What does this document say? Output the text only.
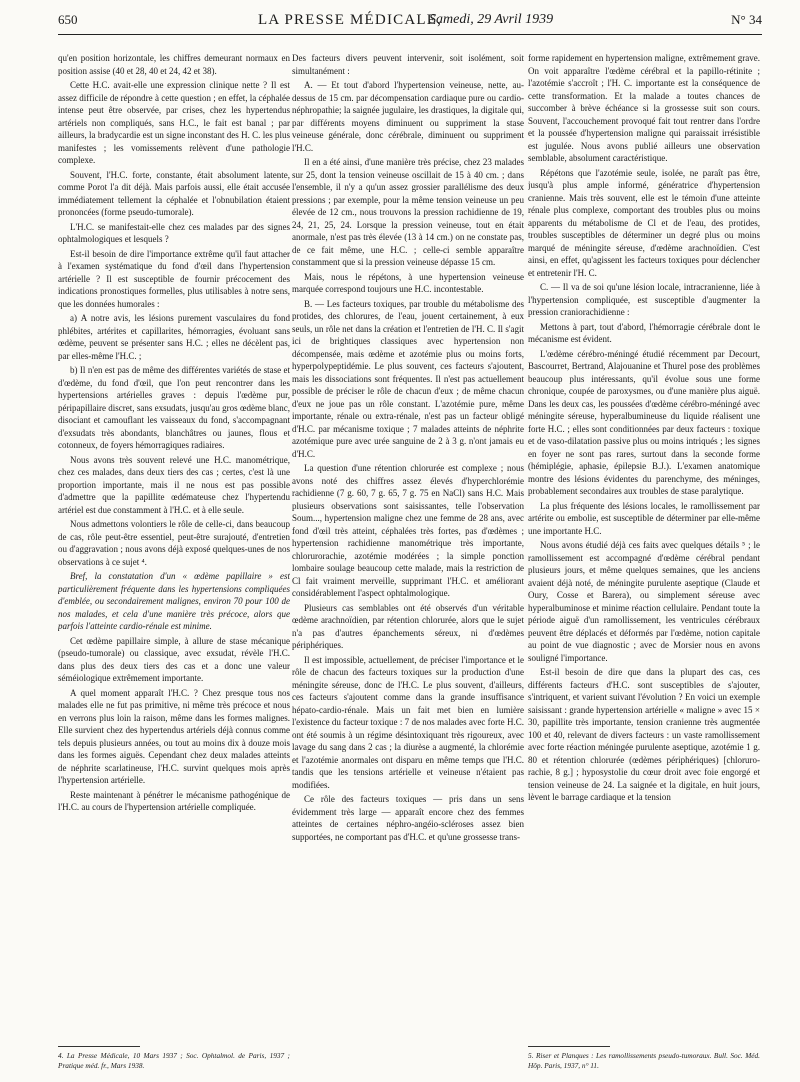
650	LA PRESSE MÉDICALE,
Samedi, 29 Avril 1939	N° 34

qu'en position horizontale, les chiffres demeurant normaux en position assise (40 et 28, 40 et 24, 42 et 38).

Cette H.C. avait-elle une expression clinique nette ? Il est assez difficile de répondre à cette question ; en effet, la céphalée intense peut être observée, par crises, chez les hypertendus artériels non compliqués, sans H.C., le fait est banal ; par ailleurs, la bradycardie est un signe inconstant des H. C. les plus manifestes ; les vomissements relèvent d'une pathologie complexe.

Souvent, l'H.C. forte, constante, était absolument latente, comme Porot l'a dit déjà. Mais parfois aussi, elle était accusée immédiatement tellement la céphalée et l'obnubilation étaient prononcées (forme pseudo-tumorale).

L'H.C. se manifestait-elle chez ces malades par des signes ophtalmologiques et lesquels ?

Est-il besoin de dire l'importance extrême qu'il faut attacher à l'examen systématique du fond d'œil dans l'hypertension artérielle ? Il est susceptible de fournir précocement des indications pronostiques formelles, plus utilisables à notre sens, que les données humorales :

a) A notre avis, les lésions purement vasculaires du fond phlébites, artérites et capillarites, hémorragies, évoluant sans œdème, peuvent se présenter sans H.C. ; elles ne décèlent pas, par elles-même l'H.C. ;

b) Il n'en est pas de même des différentes variétés de stase et d'œdème, du fond d'œil, que l'on peut rencontrer dans les hypertensions artérielles graves : depuis l'œdème pur, péripapillaire discret, sans exsudats, jusqu'au gros œdème blanc, disociant et camouflant les vaisseaux du fond, s'accompagnant d'exsudats très abondants, blanchâtres ou jaunes, flous et cotonneux, de foyers hémorragiques radiaires.

Nous avons très souvent relevé une H.C. manométrique, chez ces malades, dans deux tiers des cas ; certes, c'est là une proportion importante, mais il ne nous est pas possible d'admettre que la papillite œdémateuse chez l'hypertendu artériel est due constamment à l'H.C. et à elle seule.

Nous admettons volontiers le rôle de celle-ci, dans beaucoup de cas, rôle peut-être essentiel, peut-être surajouté, d'entretien ou d'aggravation ; nous avons déjà exposé quelques-unes de nos observations à ce sujet ⁴.

Bref, la constatation d'un « œdème papillaire » est particulièrement fréquente dans les hypertensions compliquées d'emblée, ou secondairement malignes, environ 70 pour 100 de nos malades, et cela d'une manière très précoce, alors que parfois l'atteinte cardio-rénale est minime.

Cet œdème papillaire simple, à allure de stase mécanique (pseudo-tumorale) ou classique, avec exsudat, révèle l'H.C. dans plus des deux tiers des cas et a donc une valeur séméiologique extrêmement importante.

A quel moment apparaît l'H.C. ? Chez presque tous nos malades elle ne fut pas primitive, ni même très précoce et nous en verrons plus loin la raison, même dans les formes malignes. Elle survient chez des hypertendus artériels déjà connus comme tels depuis plusieurs années, ou tout au moins dix à douze mois dans les formes aiguës. Cependant chez deux malades atteints de néphrite scarlatineuse, l'H.C. survint quelques mois après l'hypertension artérielle.

Reste maintenant à pénétrer le mécanisme pathogénique de l'H.C. au cours de l'hypertension artérielle compliquée.

Des facteurs divers peuvent intervenir, soit isolément, soit simultanément :

A. — Et tout d'abord l'hypertension veineuse, nette, au-dessus de 15 cm. par décompensation cardiaque pure ou cardio-néphropathie; la saignée jugulaire, les drastiques, la digitale qui, par différents moyens diminuent ou suppriment la stase veineuse générale, donc cérébrale, diminuent ou suppriment l'H.C.

Il en a été ainsi, d'une manière très précise, chez 23 malades sur 25, dont la tension veineuse oscillait de 15 à 40 cm. ; dans l'ensemble, il n'y a qu'un assez grossier parallélisme des deux pressions ; par exemple, pour la même tension veineuse un peu élevée de 12 cm., nous trouvons la pression rachidienne de 19, 24, 21, 25, 24. Lorsque la pression veineuse, tout en était anormale, n'est pas très élevée (13 à 14 cm.) on ne constate pas, de ce fait même, une H.C. ; celle-ci semble apparaître constamment que si la pression veineuse dépasse 15 cm.

Mais, nous le répétons, à une hypertension veineuse marquée correspond toujours une H.C. incontestable.

B. — Les facteurs toxiques, par trouble du métabolisme des protides, des chlorures, de l'eau, jouent certainement, à eux seuls, un rôle net dans la création et l'entretien de l'H. C. Il s'agit ici de brightiques classiques avec hypertension non décompensée, mais œdème et azotémie plus ou moins forts, hyperpolypeptidémie. Le plus souvent, ces facteurs s'ajoutent, mais les dissociations sont fréquentes. Il n'est pas actuellement possible de préciser le rôle de chacun d'eux ; de même chacun d'eux ne joue pas un rôle constant. L'azotémie pure, même importante, rénale ou extra-rénale, n'est pas un facteur obligé d'H.C. par mécanisme toxique ; 7 malades atteints de néphrite azotémique pure avec urée sanguine de 2 à 3 g. n'ont jamais eu d'H.C.

La question d'une rétention chlorurée est complexe ; nous avons noté des chiffres assez élevés d'hyperchlorémie rachidienne (7 g. 60, 7 g. 65, 7 g. 75 en NaCl) sans H.C. Mais plusieurs observations sont saisissantes, telle l'observation Soum..., hypertension maligne chez une femme de 28 ans, avec fond d'œil très atteint, céphalées très fortes, pas d'œdèmes ; hypertension rachidienne manométrique très importante, chlorurorachie, azotémie modérées ; la simple ponction lombaire soulage beaucoup cette malade, mais la restriction de Cl fait vraiment merveille, supprimant l'H.C. et améliorant considérablement l'aspect ophtalmologique.

Plusieurs cas semblables ont été observés d'un véritable œdème arachnoïdien, par rétention chlorurée, alors que le sujet n'a pas d'autres épanchements séreux, ni d'œdèmes périphériques.

Il est impossible, actuellement, de préciser l'importance et le rôle de chacun des facteurs toxiques sur la production d'une méningite séreuse, donc de l'H.C. Le plus souvent, d'ailleurs, ces facteurs s'ajoutent comme dans la grande insuffisance hépato-cardio-rénale. Mais un fait met bien en lumière l'existence du facteur toxique : 7 de nos malades avec forte H.C. ont été soumis à un régime désintoxiquant très rigoureux, avec lavage du sang dans 2 cas ; la diurèse a augmenté, la chlorémie et l'azotémie anormales ont disparu en même temps que l'H.C. tandis que les tensions artérielle et veineuse n'étaient pas modifiées.

Ce rôle des facteurs toxiques — pris dans un sens évidemment très large — apparaît encore chez des femmes atteintes de certaines néphro-angéio-scléroses assez bien supportées, ne comportant pas d'H.C. et qu'une grossesse trans-

forme rapidement en hypertension maligne, extrêmement grave. On voit apparaître l'œdème cérébral et la papillo-rétinite ; l'azotémie s'accroît ; l'H. C. importante est la conséquence de cette transformation. Et la malade a toutes chances de succomber à brève échéance si la grossesse suit son cours. Souvent, l'accouchement provoqué fait tout rentrer dans l'ordre et la poussée d'hypertension maligne qui paraissait irrésistible est jugulée. Nous avons publié ailleurs une observation semblable, absolument caractéristique.

Répétons que l'azotémie seule, isolée, ne paraît pas être, jusqu'à plus ample informé, génératrice d'hypertension cranienne. Mais très souvent, elle est le témoin d'une atteinte rénale plus complexe, comportant des troubles plus ou moins apparents du métabolisme de Cl et de l'eau, des protides, troubles susceptibles de déterminer un degré plus ou moins marqué de méningite séreuse, d'œdème arachnoïdien. C'est ainsi, en effet, qu'agissent les facteurs toxiques pour déclencher et entretenir l'H. C.

C. — Il va de soi qu'une lésion locale, intracranienne, liée à l'hypertension compliquée, est susceptible d'augmenter la pression craniorachidienne :

Mettons à part, tout d'abord, l'hémorragie cérébrale dont le mécanisme est évident.

L'œdème cérébro-méningé étudié récemment par Decourt, Bascourret, Bertrand, Alajouanine et Thurel pose des problèmes beaucoup plus intéressants, qu'il évolue sous une forme chronique, coupée de paroxysmes, ou d'une manière plus aiguë. Dans les deux cas, les poussées d'œdème cérébro-méningé avec méningite séreuse, hyperalbumineuse du liquide réalisent une forte H.C. ; elles sont conditionnées par deux facteurs : toxique et de vaso-dilatation passive plus ou moins intriqués ; les signes en foyer ne sont pas rares, surtout dans la seconde forme (hémiplégie, aphasie, épilepsie B.J.). L'examen anatomique montre des lésions évidentes du parenchyme, des méninges, probablement secondaires aux troubles de stase paralytique.

La plus fréquente des lésions locales, le ramollissement par artérite ou embolie, est susceptible de déterminer par elle-même une importante H.C.

Nous avons étudié déjà ces faits avec quelques détails ⁵ ; le ramollissement est accompagné d'œdème cérébral pendant plusieurs jours, et même quelques semaines, que les anciens avaient déjà noté, de méningite purulente aseptique (Claude et Oury, Cosse et Barera), ou simplement séreuse avec hyperalbuminose et minime réaction cellulaire. Pendant toute la période aiguë d'un ramollissement, les ventricules cérébraux peuvent être déplacés et déformés par l'œdème, notion capitale au point de vue diagnostic ; avec de Morsier nous en avons souligné l'importance.

Est-il besoin de dire que dans la plupart des cas, ces différents facteurs d'H.C. sont susceptibles de s'ajouter, s'intriquent, et varient suivant l'évolution ? En voici un exemple saisissant : grande hypertension artérielle « maligne » avec 15 × 30, papillite très importante, tension cranienne très augmentée 100 et 40, relevant de divers facteurs : un vaste ramollissement avec forte réaction méningée purulente aseptique, azotémie 1 g. 80 et rétention chlorurée (œdèmes périphériques) [chloruro-rachie, 8 g.] ; hyposystolie du cœur droit avec foie engorgé et tension veineuse de 24. La saignée et la digitale, en huit jours, lèvent le barrage cardiaque et la tension

4. La Presse Médicale, 10 Mars 1937 ; Soc. Ophtalmol. de Paris, 1937 ; Pratique méd. fr., Mars 1938.
5. Riser et Planques : Les ramollissements pseudo-tumoraux. Bull. Soc. Méd. Hôp. Paris, 1937, n° 11.
